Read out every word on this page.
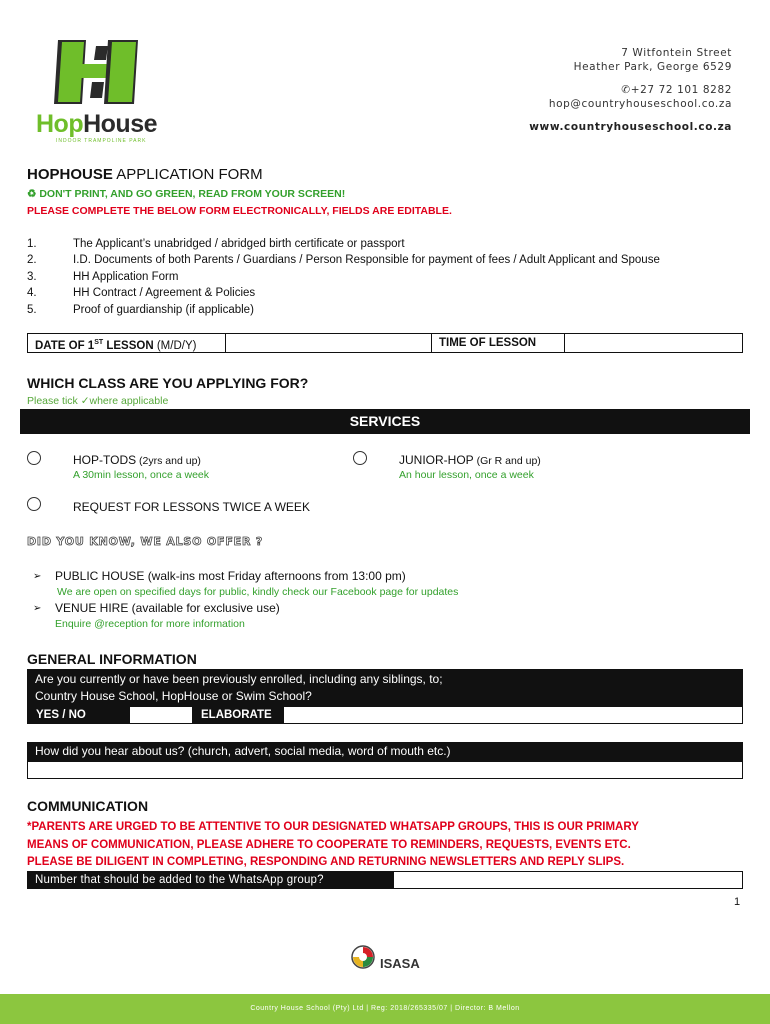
HopHouse
INDOOR TRAMPOLINE PARK
7 Witfontein Street
Heather Park, George 6529
✆+27 72 101 8282
hop@countryhouseschool.co.za
www.countryhouseschool.co.za
HOPHOUSE APPLICATION FORM
♻ DON'T PRINT, AND GO GREEN, READ FROM YOUR SCREEN!
PLEASE COMPLETE THE BELOW FORM ELECTRONICALLY, FIELDS ARE EDITABLE.
1.	The Applicant’s unabridged / abridged birth certificate or passport
2.	I.D. Documents of both Parents / Guardians / Person Responsible for payment of fees / Adult Applicant and Spouse
3.	HH Application Form
4.	HH Contract / Agreement & Policies
5.	Proof of guardianship (if applicable)
DATE OF 1ST LESSON (M/D/Y)	TIME OF LESSON
WHICH CLASS ARE YOU APPLYING FOR?
Please tick ✓where applicable
SERVICES
HOP-TODS (2yrs and up)
A 30min lesson, once a week
JUNIOR-HOP (Gr R and up)
An hour lesson, once a week
REQUEST FOR LESSONS TWICE A WEEK
DID YOU KNOW, WE ALSO OFFER ?
➢ PUBLIC HOUSE (walk-ins most Friday afternoons from 13:00 pm)
We are open on specified days for public, kindly check our Facebook page for updates
➢ VENUE HIRE (available for exclusive use)
Enquire @reception for more information
GENERAL INFORMATION
Are you currently or have been previously enrolled, including any siblings, to;
Country House School, HopHouse or Swim School?
YES / NO	ELABORATE
How did you hear about us? (church, advert, social media, word of mouth etc.)
COMMUNICATION
*PARENTS ARE URGED TO BE ATTENTIVE TO OUR DESIGNATED WHATSAPP GROUPS, THIS IS OUR PRIMARY
MEANS OF COMMUNICATION, PLEASE ADHERE TO COOPERATE TO REMINDERS, REQUESTS, EVENTS ETC.
PLEASE BE DILIGENT IN COMPLETING, RESPONDING AND RETURNING NEWSLETTERS AND REPLY SLIPS.
Number that should be added to the WhatsApp group?
1
ISASA
Country House School (Pty) Ltd | Reg: 2018/265335/07 | Director: B Mellon
